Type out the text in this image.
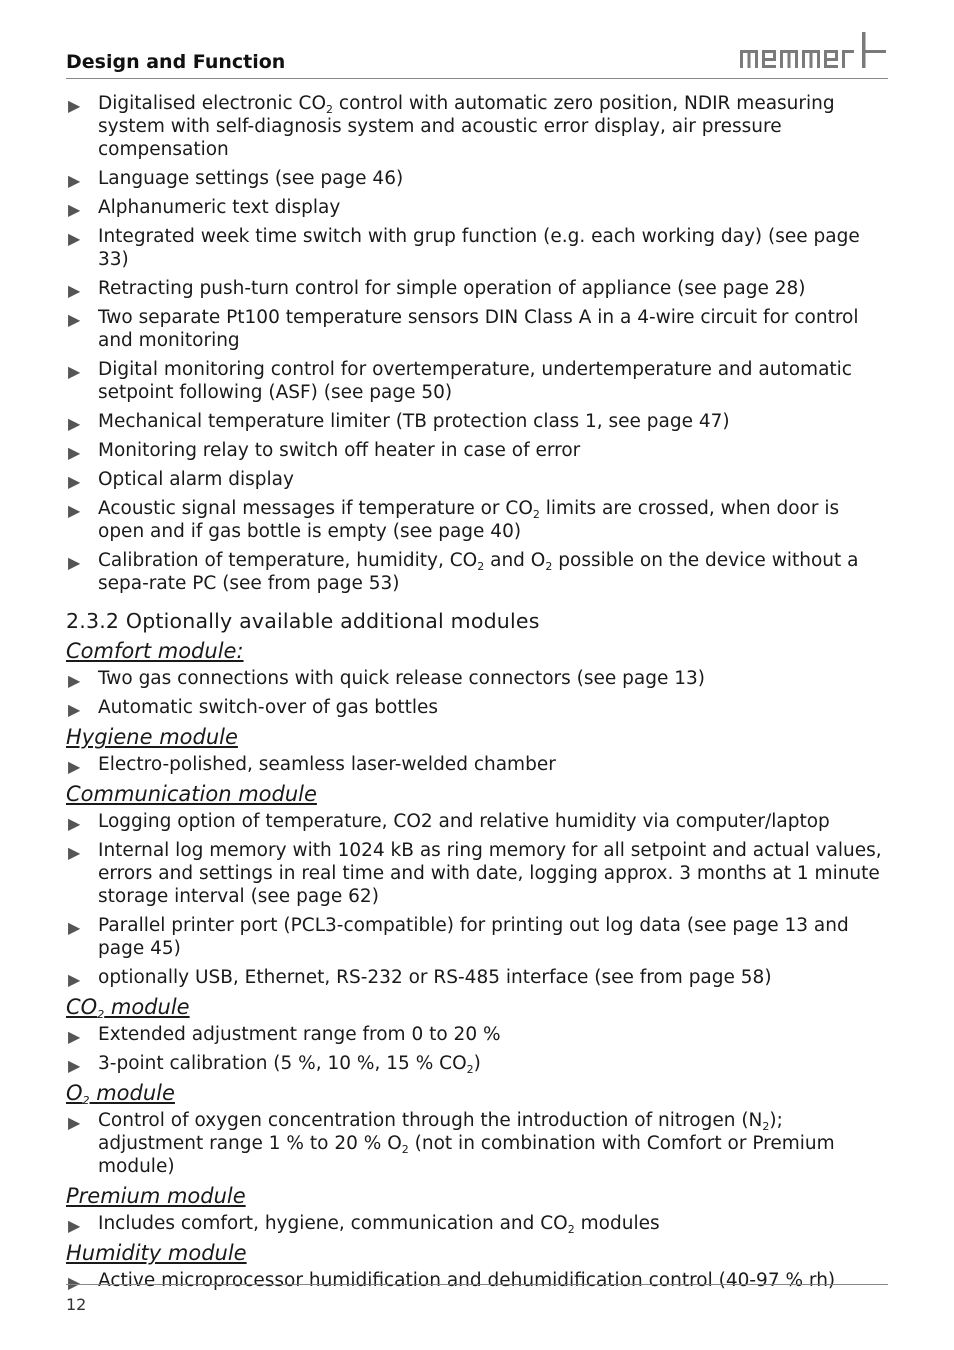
Design and Function
▶ Digitalised electronic $CO_2$ control with automatic zero position, NDIR measuring system with self-diagnosis system and acoustic error display, air pressure compensation
▶ Language settings (see page 46)
▶ Alphanumeric text display
▶ Integrated week time switch with grup function (e.g. each working day) (see page 33)
▶ Retracting push-turn control for simple operation of appliance (see page 28)
▶ Two separate Pt100 temperature sensors DIN Class A in a 4-wire circuit for control and monitoring
▶ Digital monitoring control for overtemperature, undertemperature and automatic setpoint following (ASF) (see page 50)
▶ Mechanical temperature limiter (TB protection class 1, see page 47)
▶ Monitoring relay to switch off heater in case of error
▶ Optical alarm display
▶ Acoustic signal messages if temperature or $CO_2$ limits are crossed, when door is open and if gas bottle is empty (see page 40)
▶ Calibration of temperature, humidity, $CO_2$ and $O_2$ possible on the device without a sepa-rate PC (see from page 53)
2.3.2 Optionally available additional modules
Comfort module:
▶ Two gas connections with quick release connectors (see page 13)
▶ Automatic switch-over of gas bottles
Hygiene module
▶ Electro-polished, seamless laser-welded chamber
Communication module
▶ Logging option of temperature, CO2 and relative humidity via computer/laptop
▶ Internal log memory with 1024 kB as ring memory for all setpoint and actual values, errors and settings in real time and with date, logging approx. 3 months at 1 minute storage interval (see page 62)
▶ Parallel printer port (PCL3-compatible) for printing out log data (see page 13 and page 45)
▶ optionally USB, Ethernet, RS-232 or RS-485 interface (see from page 58)
$CO_2$ module
▶ Extended adjustment range from 0 to 20 %
▶ 3-point calibration (5 %, 10 %, 15 % $CO_2$)
$O_2$ module
▶ Control of oxygen concentration through the introduction of nitrogen $(N_2)$; adjustment range 1 % to 20 % $O_2$ (not in combination with Comfort or Premium module)
Premium module
▶ Includes comfort, hygiene, communication and $CO_2$ modules
Humidity module
▶ Active microprocessor humidification and dehumidification control (40-97 % rh)
12
